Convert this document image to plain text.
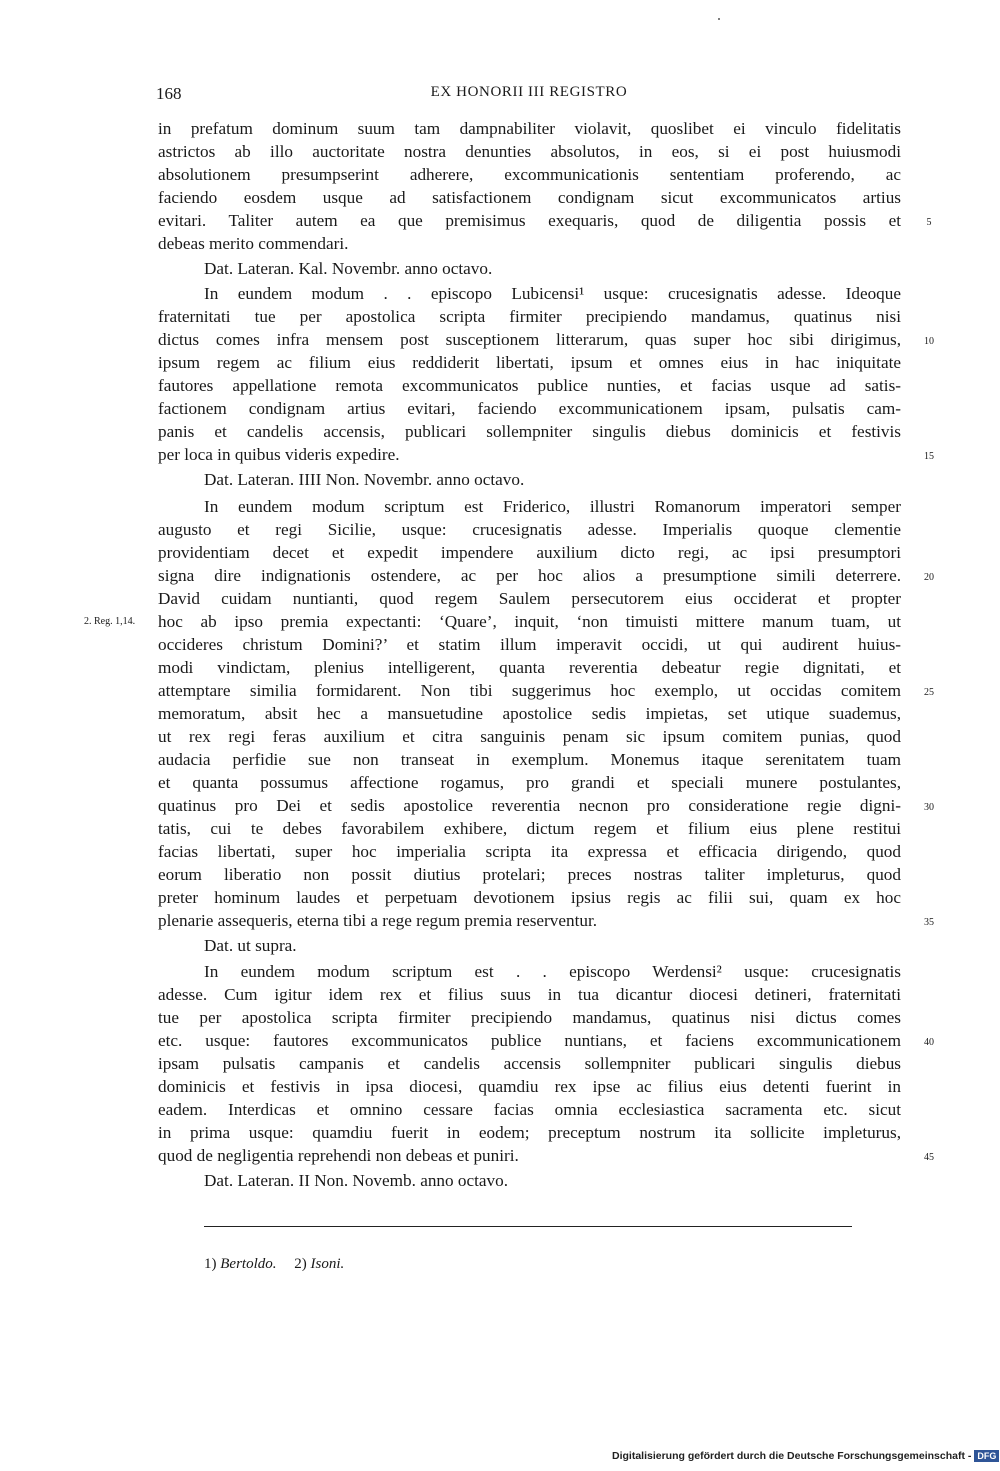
168	EX HONORII III REGISTRO
in prefatum dominum suum tam dampnabiliter violavit, quoslibet ei vinculo fidelitatis
astrictos ab illo auctoritate nostra denunties absolutos, in eos, si ei post huiusmodi
absolutionem presumpserint adherere, excommunicationis sententiam proferendo, ac
faciendo eosdem usque ad satisfactionem condignam sicut excommunicatos artius
evitari. Taliter autem ea que premisimus exequaris, quod de diligentia possis et
debeas merito commendari.
Dat. Lateran. Kal. Novembr. anno octavo.
In eundem modum . . episcopo Lubicensi¹ usque: crucesignatis adesse. Ideoque
fraternitati tue per apostolica scripta firmiter precipiendo mandamus, quatinus nisi
dictus comes infra mensem post susceptionem litterarum, quas super hoc sibi dirigimus,
ipsum regem ac filium eius reddiderit libertati, ipsum et omnes eius in hac iniquitate
fautores appellatione remota excommunicatos publice nunties, et facias usque ad satis-
factionem condignam artius evitari, faciendo excommunicationem ipsam, pulsatis cam-
panis et candelis accensis, publicari sollempniter singulis diebus dominicis et festivis
per loca in quibus videris expedire.
Dat. Lateran. IIII Non. Novembr. anno octavo.
In eundem modum scriptum est Friderico, illustri Romanorum imperatori semper
augusto et regi Sicilie, usque: crucesignatis adesse. Imperialis quoque clementie
providentiam decet et expedit impendere auxilium dicto regi, ac ipsi presumptori
signa dire indignationis ostendere, ac per hoc alios a presumptione simili deterrere.
David cuidam nuntianti, quod regem Saulem persecutorem eius occiderat et propter
hoc ab ipso premia expectanti: ‘Quare’, inquit, ‘non timuisti mittere manum tuam, ut
occideres christum Domini?’ et statim illum imperavit occidi, ut qui audirent huius-
modi vindictam, plenius intelligerent, quanta reverentia debeatur regie dignitati, et
attemptare similia formidarent. Non tibi suggerimus hoc exemplo, ut occidas comitem
memoratum, absit hec a mansuetudine apostolice sedis impietas, set utique suademus,
ut rex regi feras auxilium et citra sanguinis penam sic ipsum comitem punias, quod
audacia perfidie sue non transeat in exemplum. Monemus itaque serenitatem tuam
et quanta possumus affectione rogamus, pro grandi et speciali munere postulantes,
quatinus pro Dei et sedis apostolice reverentia necnon pro consideratione regie digni-
tatis, cui te debes favorabilem exhibere, dictum regem et filium eius plene restitui
facias libertati, super hoc imperialia scripta ita expressa et efficacia dirigendo, quod
eorum liberatio non possit diutius protelari; preces nostras taliter impleturus, quod
preter hominum laudes et perpetuam devotionem ipsius regis ac filii sui, quam ex hoc
plenarie assequeris, eterna tibi a rege regum premia reserventur.
Dat. ut supra.
In eundem modum scriptum est . . episcopo Werdensi² usque: crucesignatis
adesse. Cum igitur idem rex et filius suus in tua dicantur diocesi detineri, fraternitati
tue per apostolica scripta firmiter precipiendo mandamus, quatinus nisi dictus comes
etc. usque: fautores excommunicatos publice nuntians, et faciens excommunicationem
ipsam pulsatis campanis et candelis accensis sollempniter publicari singulis diebus
dominicis et festivis in ipsa diocesi, quamdiu rex ipse ac filius eius detenti fuerint in
eadem. Interdicas et omnino cessare facias omnia ecclesiastica sacramenta etc. sicut
in prima usque: quamdiu fuerit in eodem; preceptum nostrum ita sollicite impleturus,
quod de negligentia reprehendi non debeas et puniri.
Dat. Lateran. II Non. Novemb. anno octavo.
5
10
15
20
25
30
35
40
45
2. Reg. 1,14.
1) Bertoldo. 2) Isoni.
Digitalisierung gefördert durch die Deutsche Forschungsgemeinschaft - DFG
